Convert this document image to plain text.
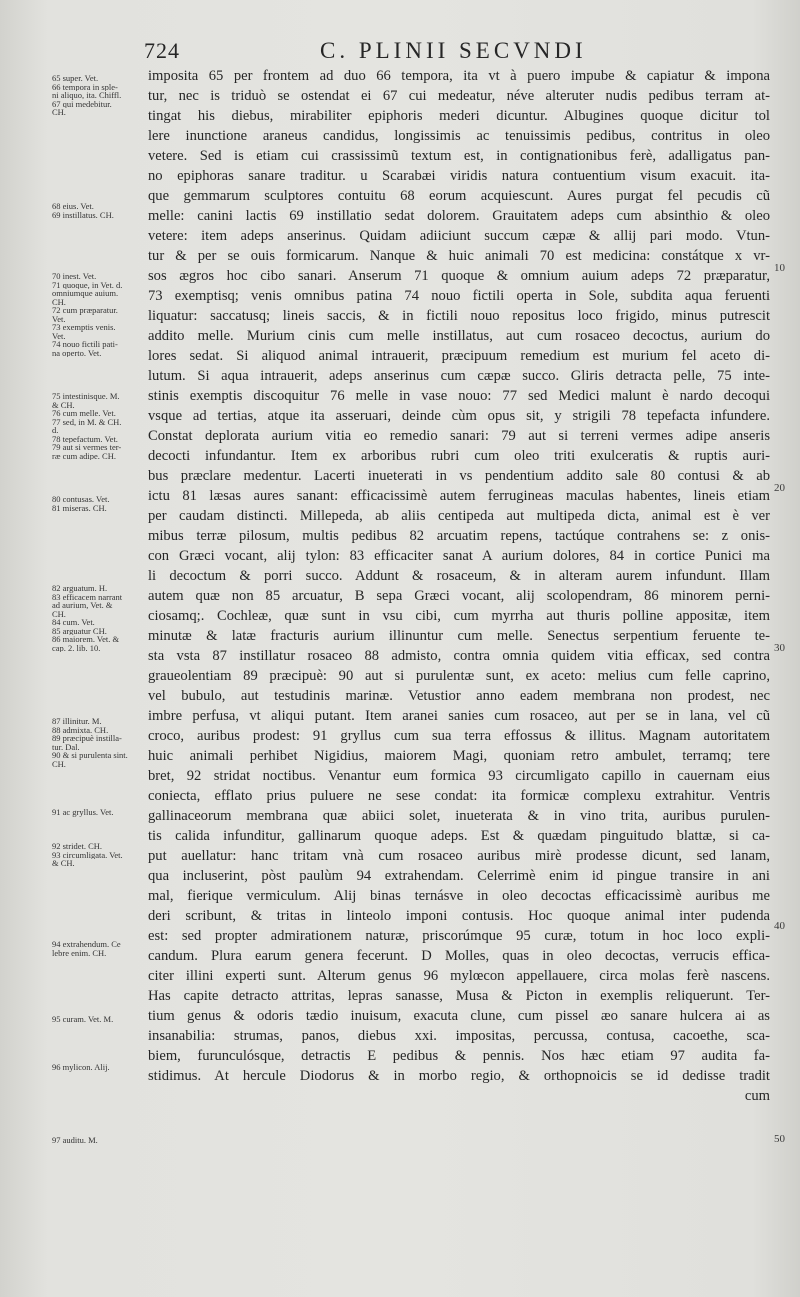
724	C. PLINII SECVNDI
65 super. Vet.
66 tempora in sple-
ni aliquo, ita. Chiffl.
67 qui medebitur.
CH.
68 eius. Vet.
69 instillatus. CH.
70 inest. Vet.
71 quoque, in Vet. d.
omniumque auium.
CH.
72 cum præparatur.
Vet.
73 exemptis venis.
Vet.
74 nouo fictili pati-
na operto. Vet.
75 intestinisque. M.
& CH.
76 cum melle. Vet.
77 sed, in M. & CH.
d.
78 tepefactum. Vet.
79 aut si vermes ter-
ræ cum adipe. CH.
80 contusas. Vet.
81 miseras. CH.
82 arguatum. H.
83 efficacem narrant
ad aurium, Vet. &
CH.
84 cum. Vet.
85 arguatur CH.
86 maiorem. Vet. &
cap. 2. lib. 10.
87 illinitur. M.
88 admixta. CH.
89 præcipuè instilla-
tur. Dal.
90 & si purulenta sint.
CH.
91 ac gryllus. Vet.
92 stridet. CH.
93 circumligata. Vet.
& CH.
94 extrahendum. Ce
lebre enim. CH.
95 curam. Vet. M.
96 mylicon. Alij.
97 auditu. M.
imposita 65 per frontem ad duo 66 tempora, ita vt à puero impube & capiatur & impona
tur, nec is triduò se ostendat ei 67 cui medeatur, néve alteruter nudis pedibus terram at-
tingat his diebus, mirabiliter epiphoris mederi dicuntur. Albugines quoque dicitur tol
lere inunctione araneus candidus, longissimis ac tenuissimis pedibus, contritus in oleo
vetere. Sed is etiam cui crassissimũ textum est, in contignationibus ferè, adalligatus pan-
no epiphoras sanare traditur. u Scarabæi viridis natura contuentium visum exacuit. ita-
que gemmarum sculptores contuitu 68 eorum acquiescunt. Aures purgat fel pecudis cũ
melle: canini lactis 69 instillatio sedat dolorem. Grauitatem adeps cum absinthio & oleo
vetere: item adeps anserinus. Quidam adiiciunt succum cæpæ & allij pari modo. Vtun-
tur & per se ouis formicarum. Nanque & huic animali 70 est medicina: constátque x vr-
sos ægros hoc cibo sanari. Anserum 71 quoque & omnium auium adeps 72 præparatur,
73 exemptisq; venis omnibus patina 74 nouo fictili operta in Sole, subdita aqua feruenti
liquatur: saccatusq; lineis saccis, & in fictili nouo repositus loco frigido, minus putrescit
addito melle. Murium cinis cum melle instillatus, aut cum rosaceo decoctus, aurium do
lores sedat. Si aliquod animal intrauerit, præcipuum remedium est murium fel aceto di-
lutum. Si aqua intrauerit, adeps anserinus cum cæpæ succo. Gliris detracta pelle, 75 inte-
stinis exemptis discoquitur 76 melle in vase nouo: 77 sed Medici malunt è nardo decoqui
vsque ad tertias, atque ita asseruari, deinde cùm opus sit, y strigili 78 tepefacta infundere.
Constat deplorata aurium vitia eo remedio sanari: 79 aut si terreni vermes adipe anseris
decocti infundantur. Item ex arboribus rubri cum oleo triti exulceratis & ruptis auri-
bus præclare medentur. Lacerti inueterati in vs pendentium addito sale 80 contusi & ab
ictu 81 læsas aures sanant: efficacissimè autem ferrugineas maculas habentes, lineis etiam
per caudam distincti. Millepeda, ab aliis centipeda aut multipeda dicta, animal est è ver
mibus terræ pilosum, multis pedibus 82 arcuatim repens, tactúque contrahens se: z onis-
con Græci vocant, alij tylon: 83 efficaciter sanat A aurium dolores, 84 in cortice Punici ma
li decoctum & porri succo. Addunt & rosaceum, & in alteram aurem infundunt. Illam
autem quæ non 85 arcuatur, B sepa Græci vocant, alij scolopendram, 86 minorem perni-
ciosamq;. Cochleæ, quæ sunt in vsu cibi, cum myrrha aut thuris polline appositæ, item
minutæ & latæ fracturis aurium illinuntur cum melle. Senectus serpentium feruente te-
sta vsta 87 instillatur rosaceo 88 admisto, contra omnia quidem vitia efficax, sed contra
graueolentiam 89 præcipuè: 90 aut si purulentæ sunt, ex aceto: melius cum felle caprino,
vel bubulo, aut testudinis marinæ. Vetustior anno eadem membrana non prodest, nec
imbre perfusa, vt aliqui putant. Item aranei sanies cum rosaceo, aut per se in lana, vel cũ
croco, auribus prodest: 91 gryllus cum sua terra effossus & illitus. Magnam autoritatem
huic animali perhibet Nigidius, maiorem Magi, quoniam retro ambulet, terramq; tere
bret, 92 stridat noctibus. Venantur eum formica 93 circumligato capillo in cauernam eius
coniecta, efflato prius puluere ne sese condat: ita formicæ complexu extrahitur. Ventris
gallinaceorum membrana quæ abiici solet, inueterata & in vino trita, auribus purulen-
tis calida infunditur, gallinarum quoque adeps. Est & quædam pinguitudo blattæ, si ca-
put auellatur: hanc tritam vnà cum rosaceo auribus mirè prodesse dicunt, sed lanam,
qua incluserint, pòst paulùm 94 extrahendam. Celerrimè enim id pingue transire in ani
mal, fierique vermiculum. Alij binas ternásve in oleo decoctas efficacissimè auribus me
deri scribunt, & tritas in linteolo imponi contusis. Hoc quoque animal inter pudenda
est: sed propter admirationem naturæ, priscorúmque 95 curæ, totum in hoc loco expli-
candum. Plura earum genera fecerunt. D Molles, quas in oleo decoctas, verrucis effica-
citer illini experti sunt. Alterum genus 96 mylœcon appellauere, circa molas ferè nascens.
Has capite detracto attritas, lepras sanasse, Musa & Picton in exemplis reliquerunt. Ter-
tium genus & odoris tædio inuisum, exacuta clune, cum pissel æo sanare hulcera ai as
insanabilia: strumas, panos, diebus xxi. impositas, percussa, contusa, cacoethe, sca-
biem, furunculósque, detractis E pedibus & pennis. Nos hæc etiam 97 audita fa-
stidimus. At hercule Diodorus & in morbo regio, & orthopnoicis se id dedisse tradit
cum
10
20
30
40
50
